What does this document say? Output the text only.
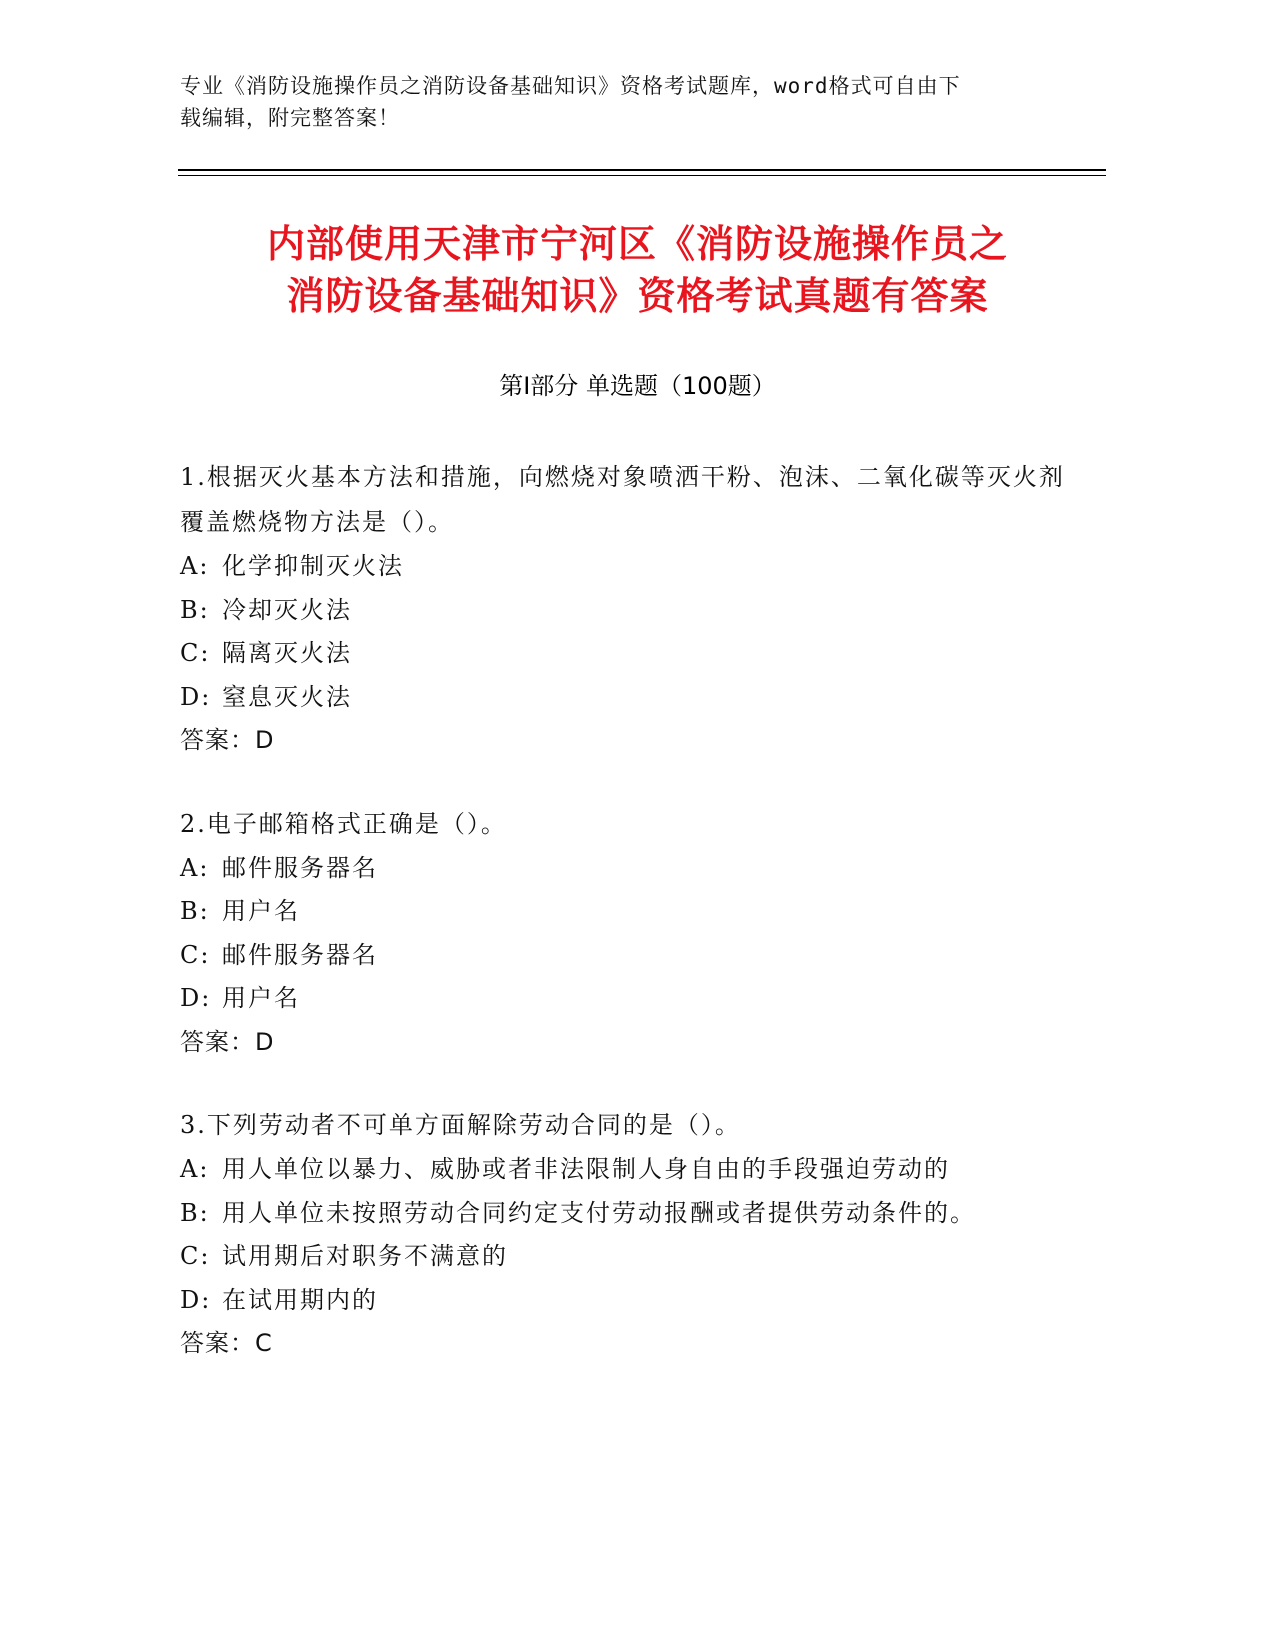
专业《消防设施操作员之消防设备基础知识》资格考试题库，word格式可自由下
载编辑，附完整答案！
内部使用天津市宁河区《消防设施操作员之
消防设备基础知识》资格考试真题有答案
第Ⅰ部分 单选题（100题）

1.根据灭火基本方法和措施，向燃烧对象喷洒干粉、泡沫、二氧化碳等灭火剂覆盖燃烧物方法是（）。

A: 化学抑制灭火法

B: 冷却灭火法

C: 隔离灭火法

D: 窒息灭火法

答案：D

2.电子邮箱格式正确是（）。

A: 邮件服务器名

B: 用户名

C: 邮件服务器名

D: 用户名

答案：D

3.下列劳动者不可单方面解除劳动合同的是（）。

A: 用人单位以暴力、威胁或者非法限制人身自由的手段强迫劳动的

B: 用人单位未按照劳动合同约定支付劳动报酬或者提供劳动条件的。

C: 试用期后对职务不满意的

D: 在试用期内的

答案：C
